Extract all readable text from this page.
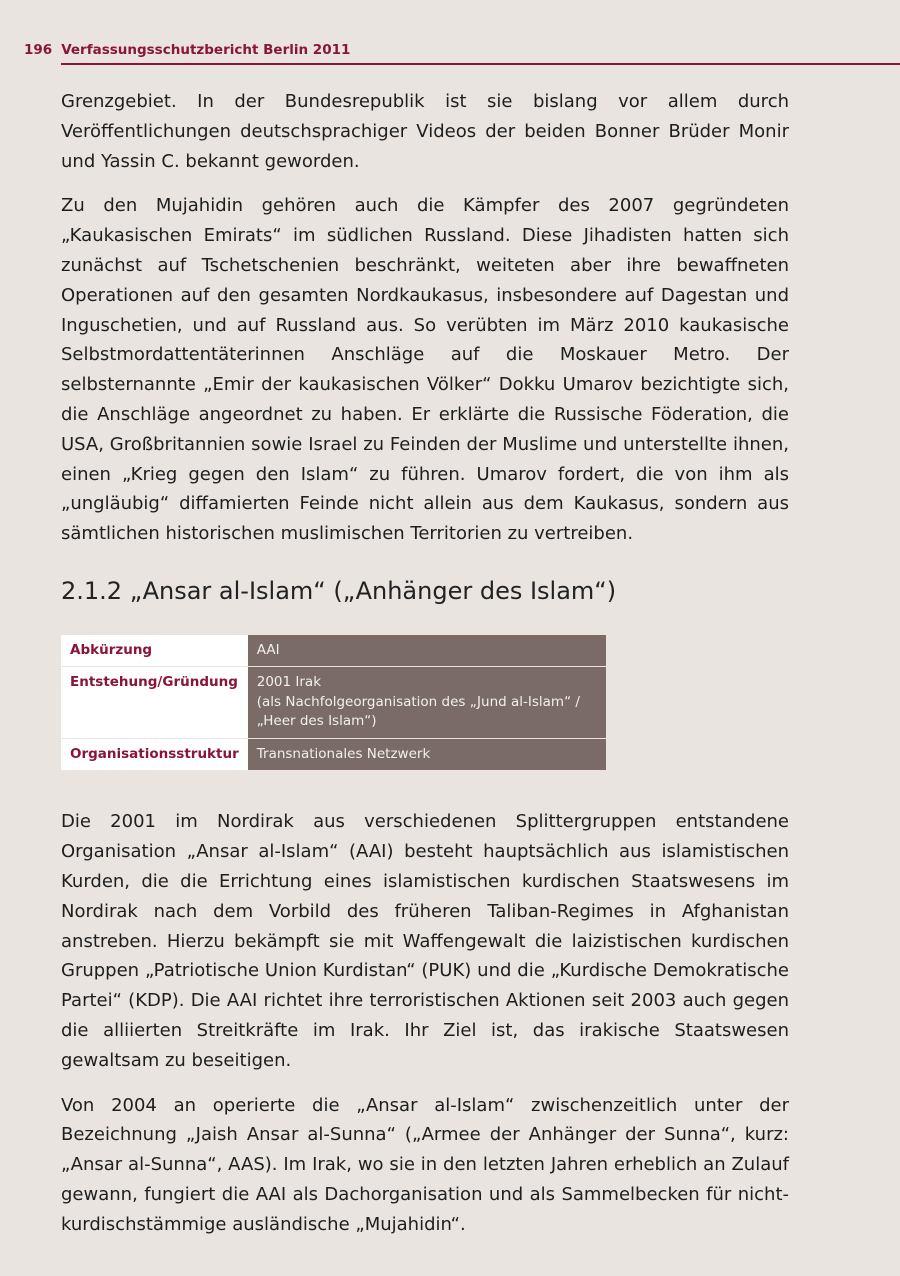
196 Verfassungsschutzbericht Berlin 2011

Grenzgebiet. In der Bundesrepublik ist sie bislang vor allem durch Veröffentlichungen deutschsprachiger Videos der beiden Bonner Brüder Monir und Yassin C. bekannt geworden.

Zu den Mujahidin gehören auch die Kämpfer des 2007 gegründeten „Kaukasischen Emirats“ im südlichen Russland. Diese Jihadisten hatten sich zunächst auf Tschetschenien beschränkt, weiteten aber ihre bewaffneten Operationen auf den gesamten Nordkaukasus, insbesondere auf Dagestan und Inguschetien, und auf Russland aus. So verübten im März 2010 kaukasische Selbstmordattentäterinnen Anschläge auf die Moskauer Metro. Der selbsternannte „Emir der kaukasischen Völker“ Dokku Umarov bezichtigte sich, die Anschläge angeordnet zu haben. Er erklärte die Russische Föderation, die USA, Großbritannien sowie Israel zu Feinden der Muslime und unterstellte ihnen, einen „Krieg gegen den Islam“ zu führen. Umarov fordert, die von ihm als „ungläubig“ diffamierten Feinde nicht allein aus dem Kaukasus, sondern aus sämtlichen historischen muslimischen Territorien zu vertreiben.

2.1.2 „Ansar al-Islam“ („Anhänger des Islam“)
Abkürzung	AAI

Entstehung/Gründung	2001 Irak
(als Nachfolgeorganisation des „Jund al-Islam“ /
„Heer des Islam“)

Organisationsstruktur	Transnationales Netzwerk

Die 2001 im Nordirak aus verschiedenen Splittergruppen entstandene Organisation „Ansar al-Islam“ (AAI) besteht hauptsächlich aus islamistischen Kurden, die die Errichtung eines islamistischen kurdischen Staatswesens im Nordirak nach dem Vorbild des früheren Taliban-Regimes in Afghanistan anstreben. Hierzu bekämpft sie mit Waffengewalt die laizistischen kurdischen Gruppen „Patriotische Union Kurdistan“ (PUK) und die „Kurdische Demokratische Partei“ (KDP). Die AAI richtet ihre terroristischen Aktionen seit 2003 auch gegen die alliierten Streitkräfte im Irak. Ihr Ziel ist, das irakische Staatswesen gewaltsam zu beseitigen.

Von 2004 an operierte die „Ansar al-Islam“ zwischenzeitlich unter der Bezeichnung „Jaish Ansar al-Sunna“ („Armee der Anhänger der Sunna“, kurz: „Ansar al-Sunna“, AAS). Im Irak, wo sie in den letzten Jahren erheblich an Zulauf gewann, fungiert die AAI als Dachorganisation und als Sammelbecken für nicht-kurdischstämmige ausländische „Mujahidin“.
